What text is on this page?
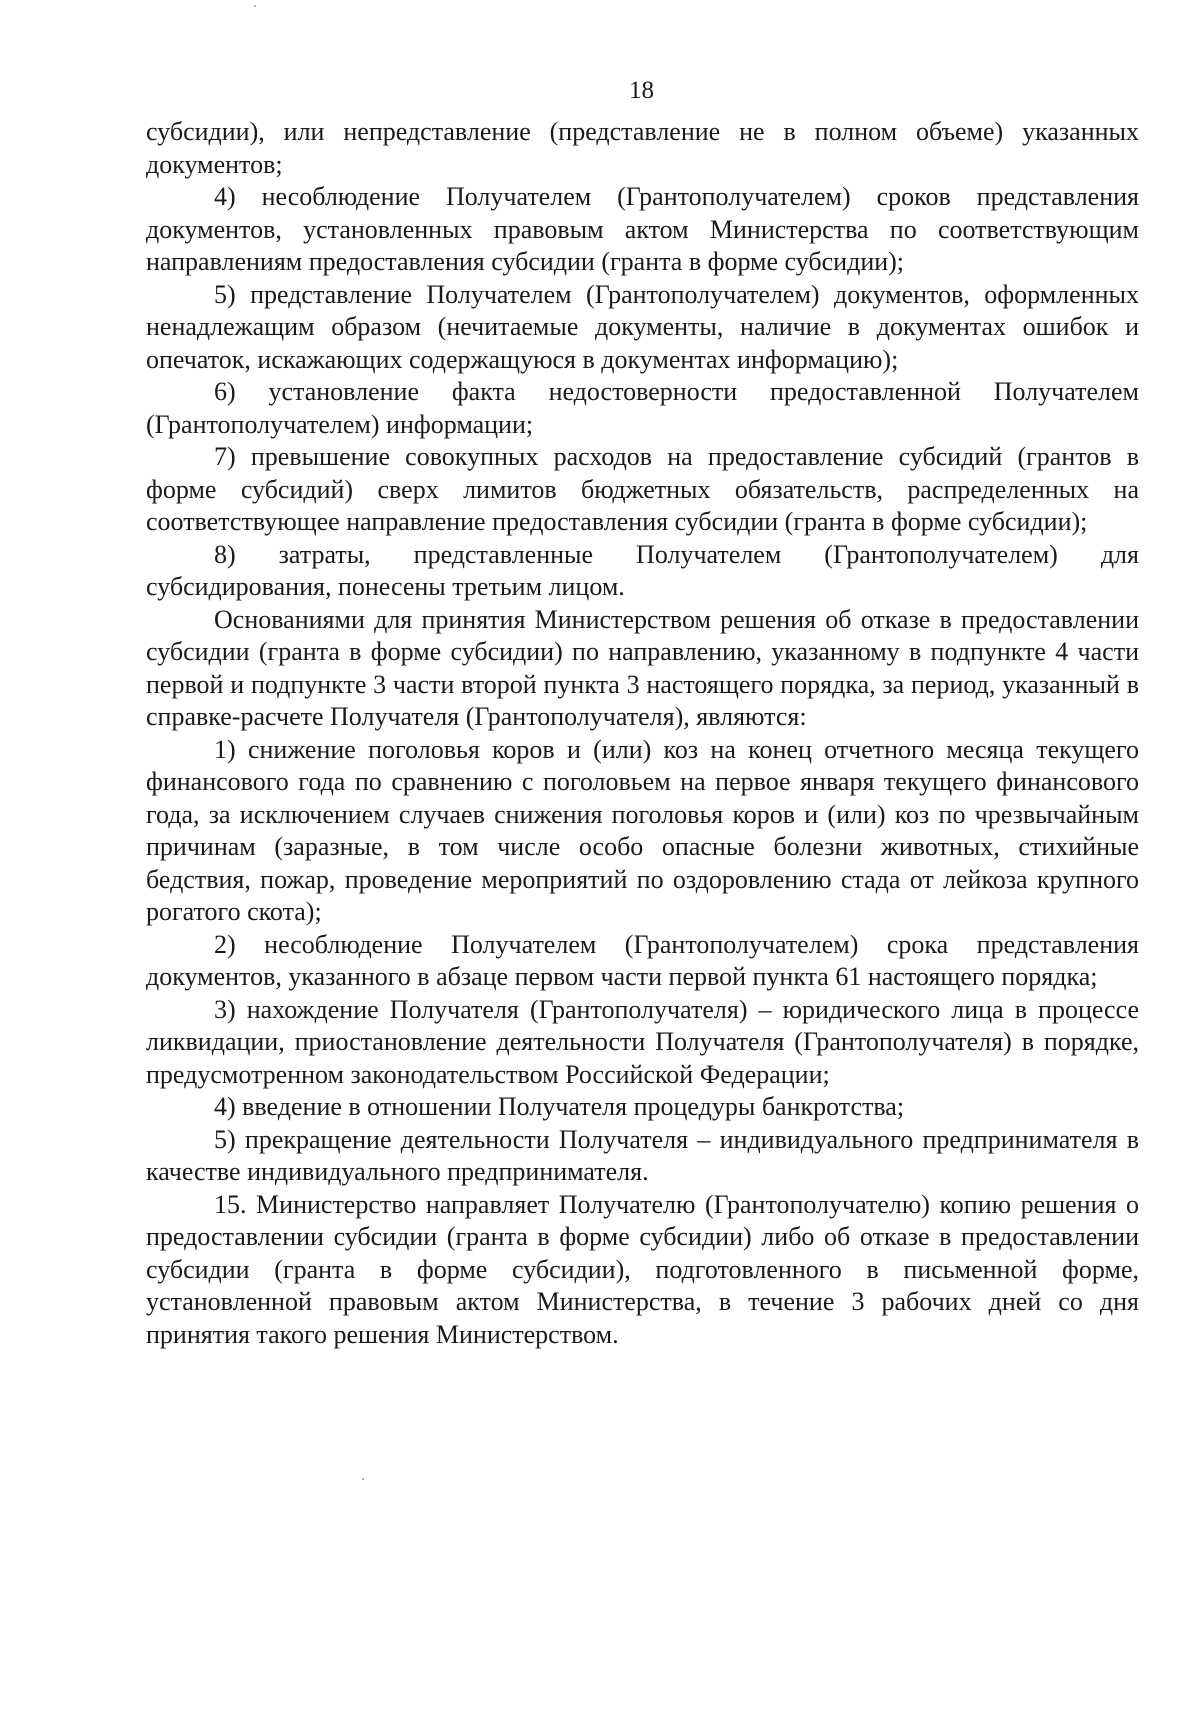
18

субсидии), или непредставление (представление не в полном объеме) указанных документов;

4) несоблюдение Получателем (Грантополучателем) сроков представления документов, установленных правовым актом Министерства по соответствующим направлениям предоставления субсидии (гранта в форме субсидии);

5) представление Получателем (Грантополучателем) документов, оформленных ненадлежащим образом (нечитаемые документы, наличие в документах ошибок и опечаток, искажающих содержащуюся в документах информацию);

6) установление факта недостоверности предоставленной Получателем (Грантополучателем) информации;

7) превышение совокупных расходов на предоставление субсидий (грантов в форме субсидий) сверх лимитов бюджетных обязательств, распределенных на соответствующее направление предоставления субсидии (гранта в форме субсидии);

8) затраты, представленные Получателем (Грантополучателем) для субсидирования, понесены третьим лицом.

Основаниями для принятия Министерством решения об отказе в предоставлении субсидии (гранта в форме субсидии) по направлению, указанному в подпункте 4 части первой и подпункте 3 части второй пункта 3 настоящего порядка, за период, указанный в справке-расчете Получателя (Грантополучателя), являются:

1) снижение поголовья коров и (или) коз на конец отчетного месяца текущего финансового года по сравнению с поголовьем на первое января текущего финансового года, за исключением случаев снижения поголовья коров и (или) коз по чрезвычайным причинам (заразные, в том числе особо опасные болезни животных, стихийные бедствия, пожар, проведение мероприятий по оздоровлению стада от лейкоза крупного рогатого скота);

2) несоблюдение Получателем (Грантополучателем) срока представления документов, указанного в абзаце первом части первой пункта 61 настоящего порядка;

3) нахождение Получателя (Грантополучателя) – юридического лица в процессе ликвидации, приостановление деятельности Получателя (Грантополучателя) в порядке, предусмотренном законодательством Российской Федерации;

4) введение в отношении Получателя процедуры банкротства;

5) прекращение деятельности Получателя – индивидуального предпринимателя в качестве индивидуального предпринимателя.

15. Министерство направляет Получателю (Грантополучателю) копию решения о предоставлении субсидии (гранта в форме субсидии) либо об отказе в предоставлении субсидии (гранта в форме субсидии), подготовленного в письменной форме, установленной правовым актом Министерства, в течение 3 рабочих дней со дня принятия такого решения Министерством.
